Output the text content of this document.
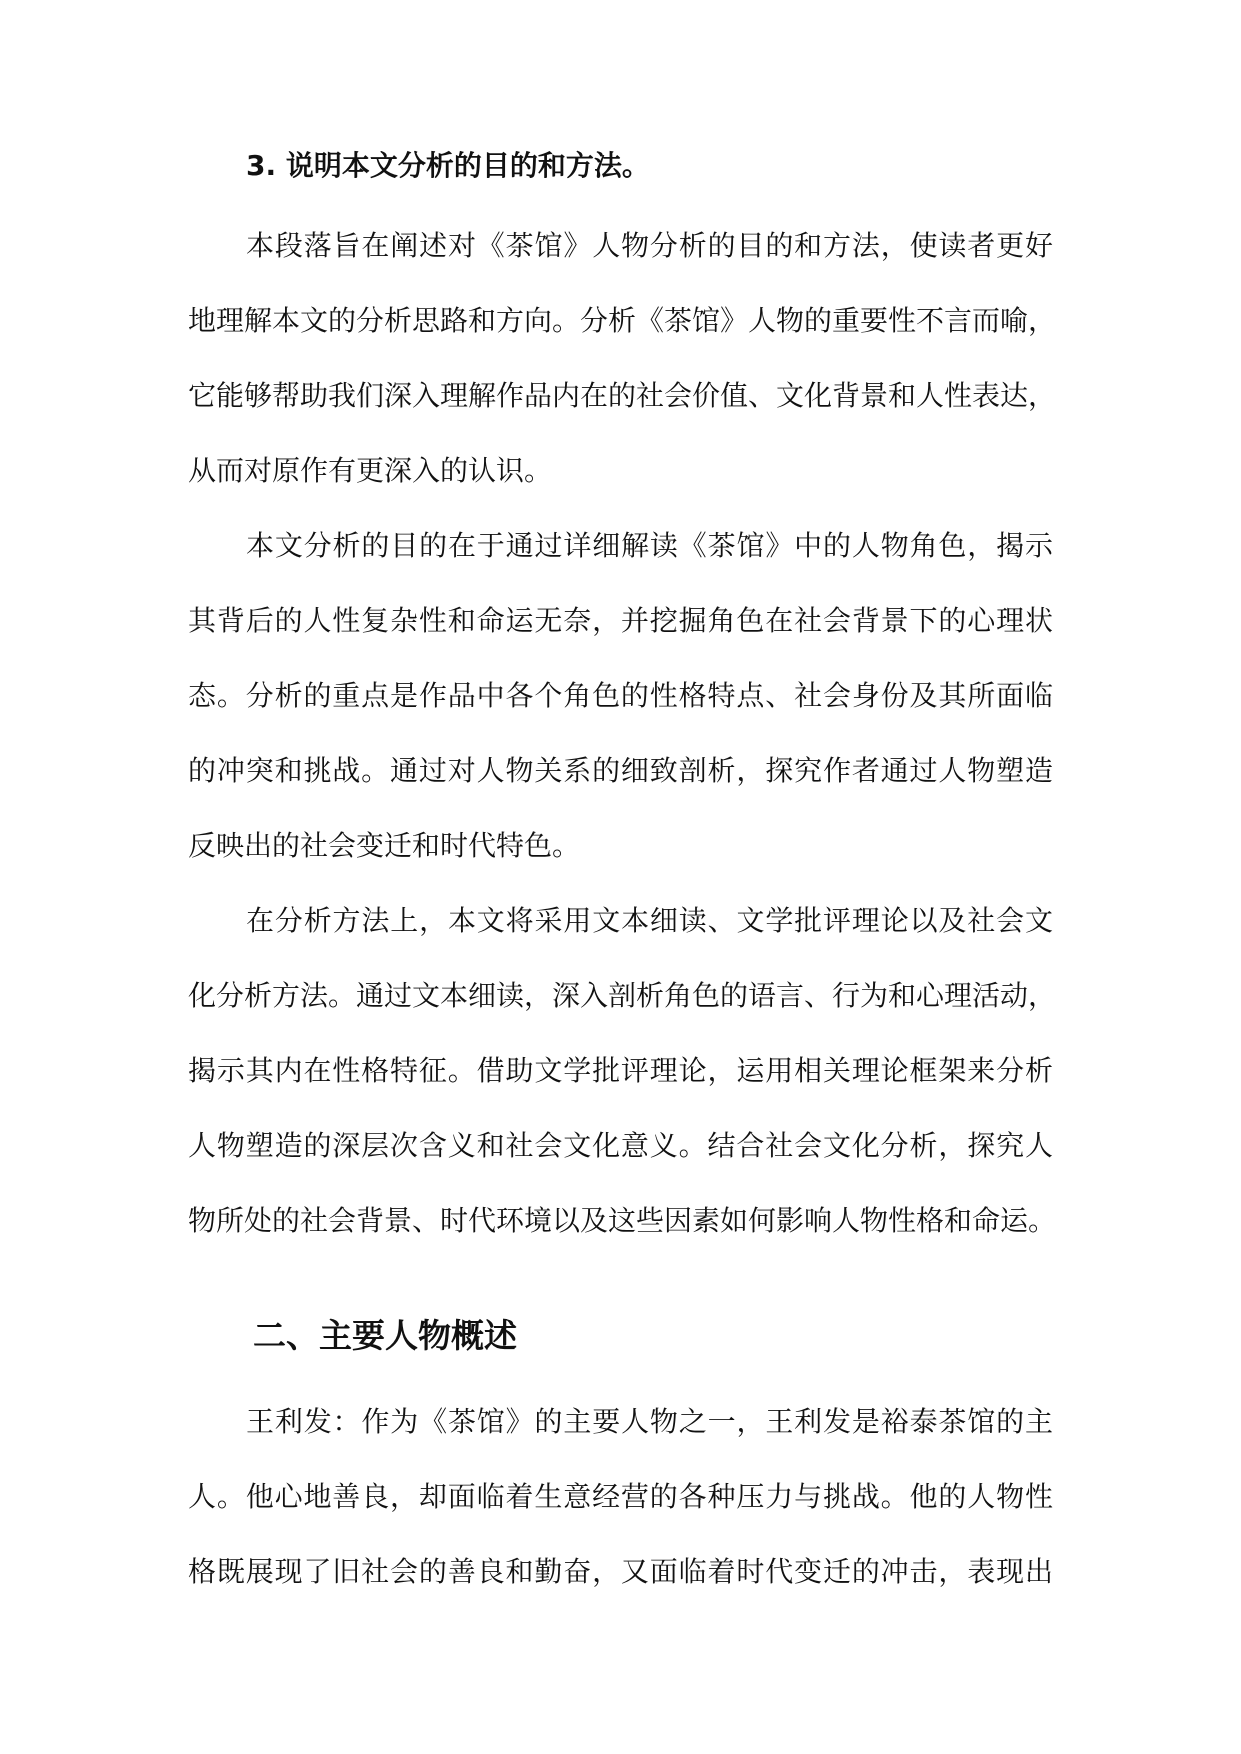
3. 说明本文分析的目的和方法。

本段落旨在阐述对《茶馆》人物分析的目的和方法，使读者更好

地理解本文的分析思路和方向。分析《茶馆》人物的重要性不言而喻，

它能够帮助我们深入理解作品内在的社会价值、文化背景和人性表达，

从而对原作有更深入的认识。

本文分析的目的在于通过详细解读《茶馆》中的人物角色，揭示

其背后的人性复杂性和命运无奈，并挖掘角色在社会背景下的心理状

态。分析的重点是作品中各个角色的性格特点、社会身份及其所面临

的冲突和挑战。通过对人物关系的细致剖析，探究作者通过人物塑造

反映出的社会变迁和时代特色。

在分析方法上，本文将采用文本细读、文学批评理论以及社会文

化分析方法。通过文本细读，深入剖析角色的语言、行为和心理活动，

揭示其内在性格特征。借助文学批评理论，运用相关理论框架来分析

人物塑造的深层次含义和社会文化意义。结合社会文化分析，探究人

物所处的社会背景、时代环境以及这些因素如何影响人物性格和命运。

二、主要人物概述

王利发：作为《茶馆》的主要人物之一，王利发是裕泰茶馆的主

人。他心地善良，却面临着生意经营的各种压力与挑战。他的人物性

格既展现了旧社会的善良和勤奋，又面临着时代变迁的冲击，表现出
